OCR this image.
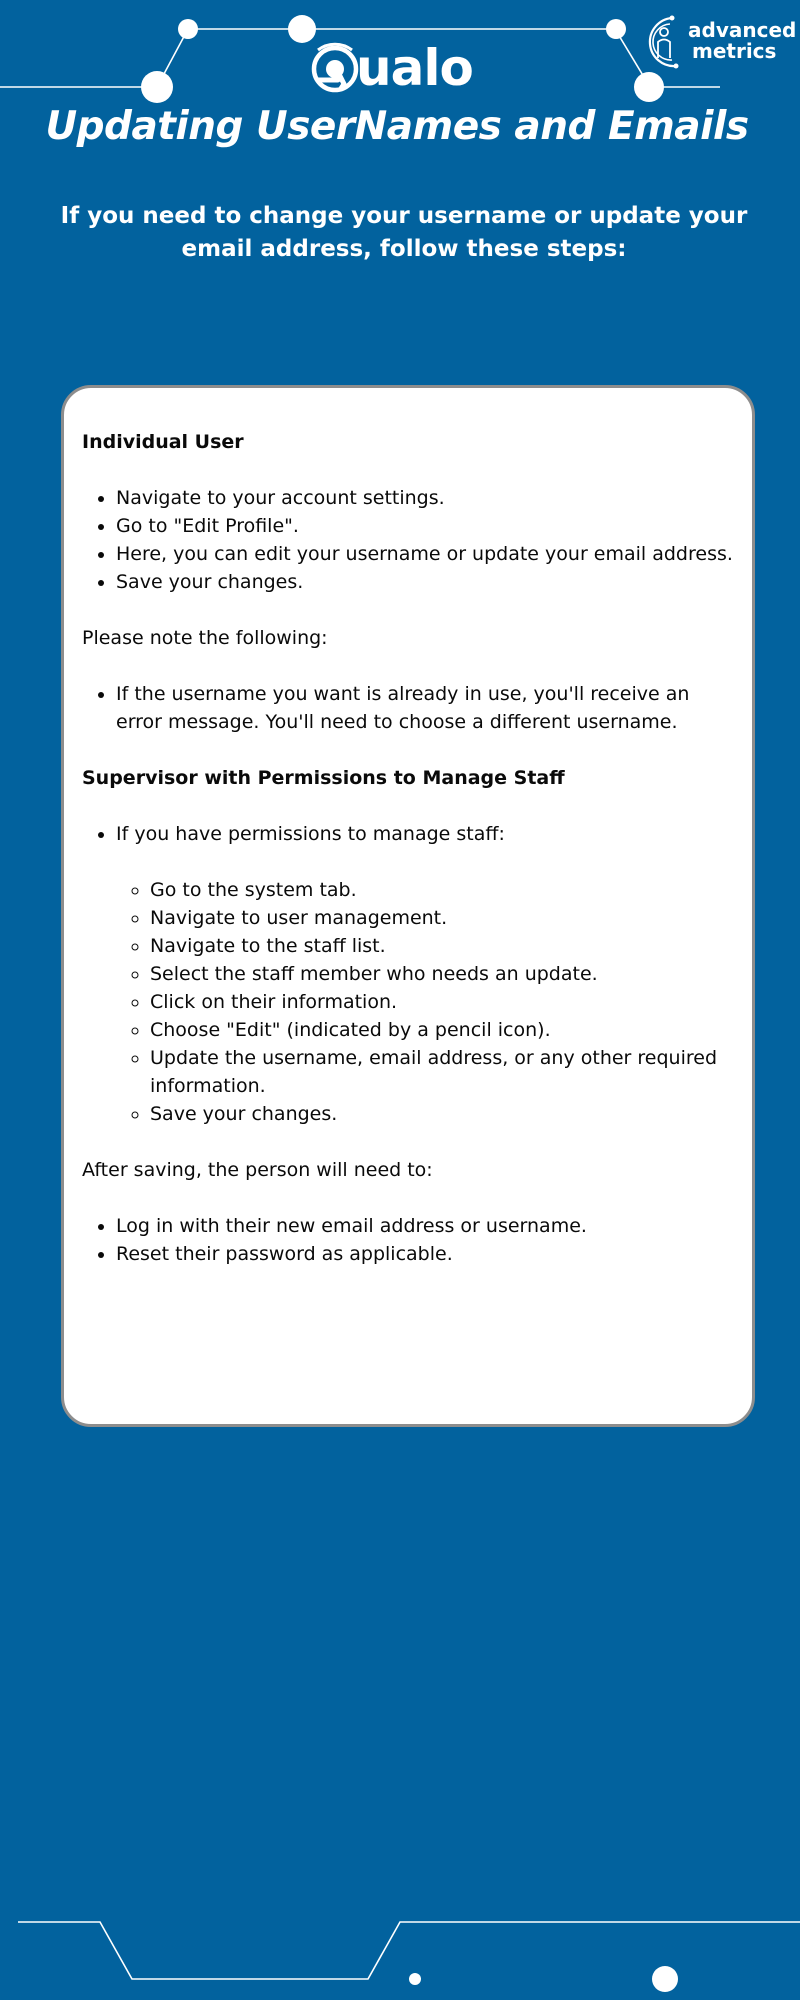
ualo
advanced
metrics
Updating UserNames and Emails

If you need to change your username or update your email address, follow these steps:

Individual User
• Navigate to your account settings.
• Go to "Edit Profile".
• Here, you can edit your username or update your email address.
• Save your changes.

Please note the following:

• If the username you want is already in use, you'll receive an error message. You'll need to choose a different username.
Supervisor with Permissions to Manage Staff
• If you have permissions to manage staff:
◦ Go to the system tab.
◦ Navigate to user management.
◦ Navigate to the staff list.
◦ Select the staff member who needs an update.
◦ Click on their information.
◦ Choose "Edit" (indicated by a pencil icon).
◦ Update the username, email address, or any other required information.
◦ Save your changes.

After saving, the person will need to:

• Log in with their new email address or username.
• Reset their password as applicable.
